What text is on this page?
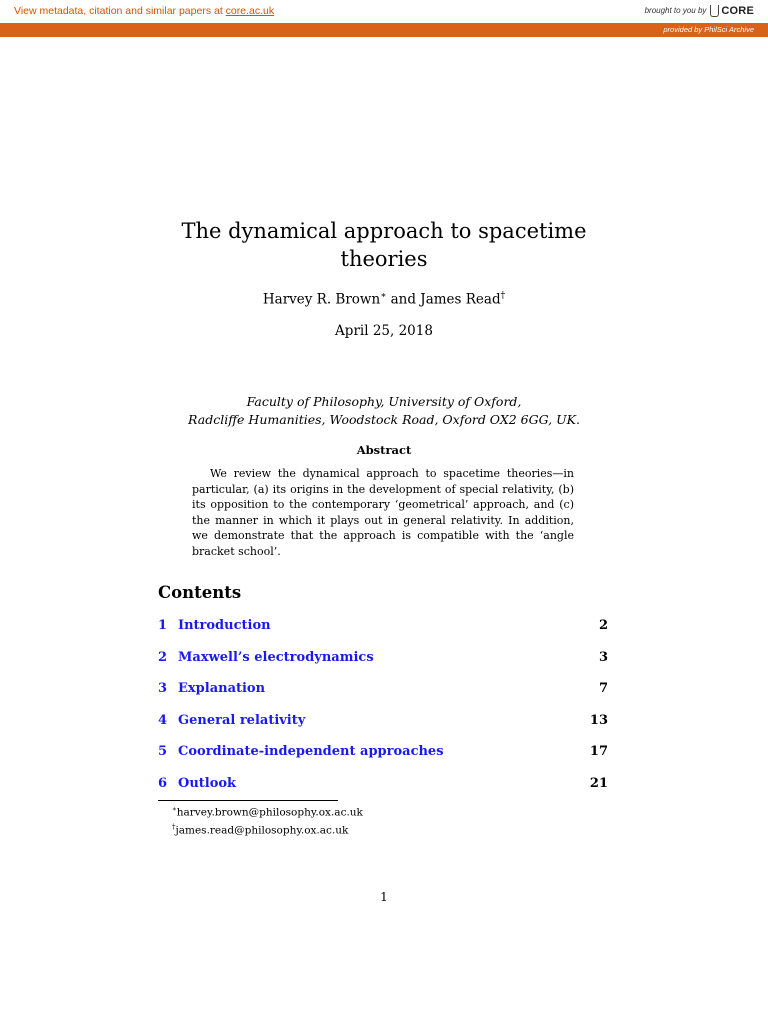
View metadata, citation and similar papers at core.ac.uk	brought to you by CORE
provided by PhilSci Archive
The dynamical approach to spacetime
theories
Harvey R. Brown∗ and James Read†
April 25, 2018
Faculty of Philosophy, University of Oxford,
Radcliffe Humanities, Woodstock Road, Oxford OX2 6GG, UK.
Abstract
We review the dynamical approach to spacetime theories—in particular, (a) its origins in the development of special relativity, (b) its opposition to the contemporary ‘geometrical’ approach, and (c) the manner in which it plays out in general relativity. In addition, we demonstrate that the approach is compatible with the ‘angle bracket school’.
Contents
1 Introduction	2
2 Maxwell’s electrodynamics	3
3 Explanation	7
4 General relativity	13
5 Coordinate-independent approaches	17
6 Outlook	21
∗harvey.brown@philosophy.ox.ac.uk
†james.read@philosophy.ox.ac.uk
1
